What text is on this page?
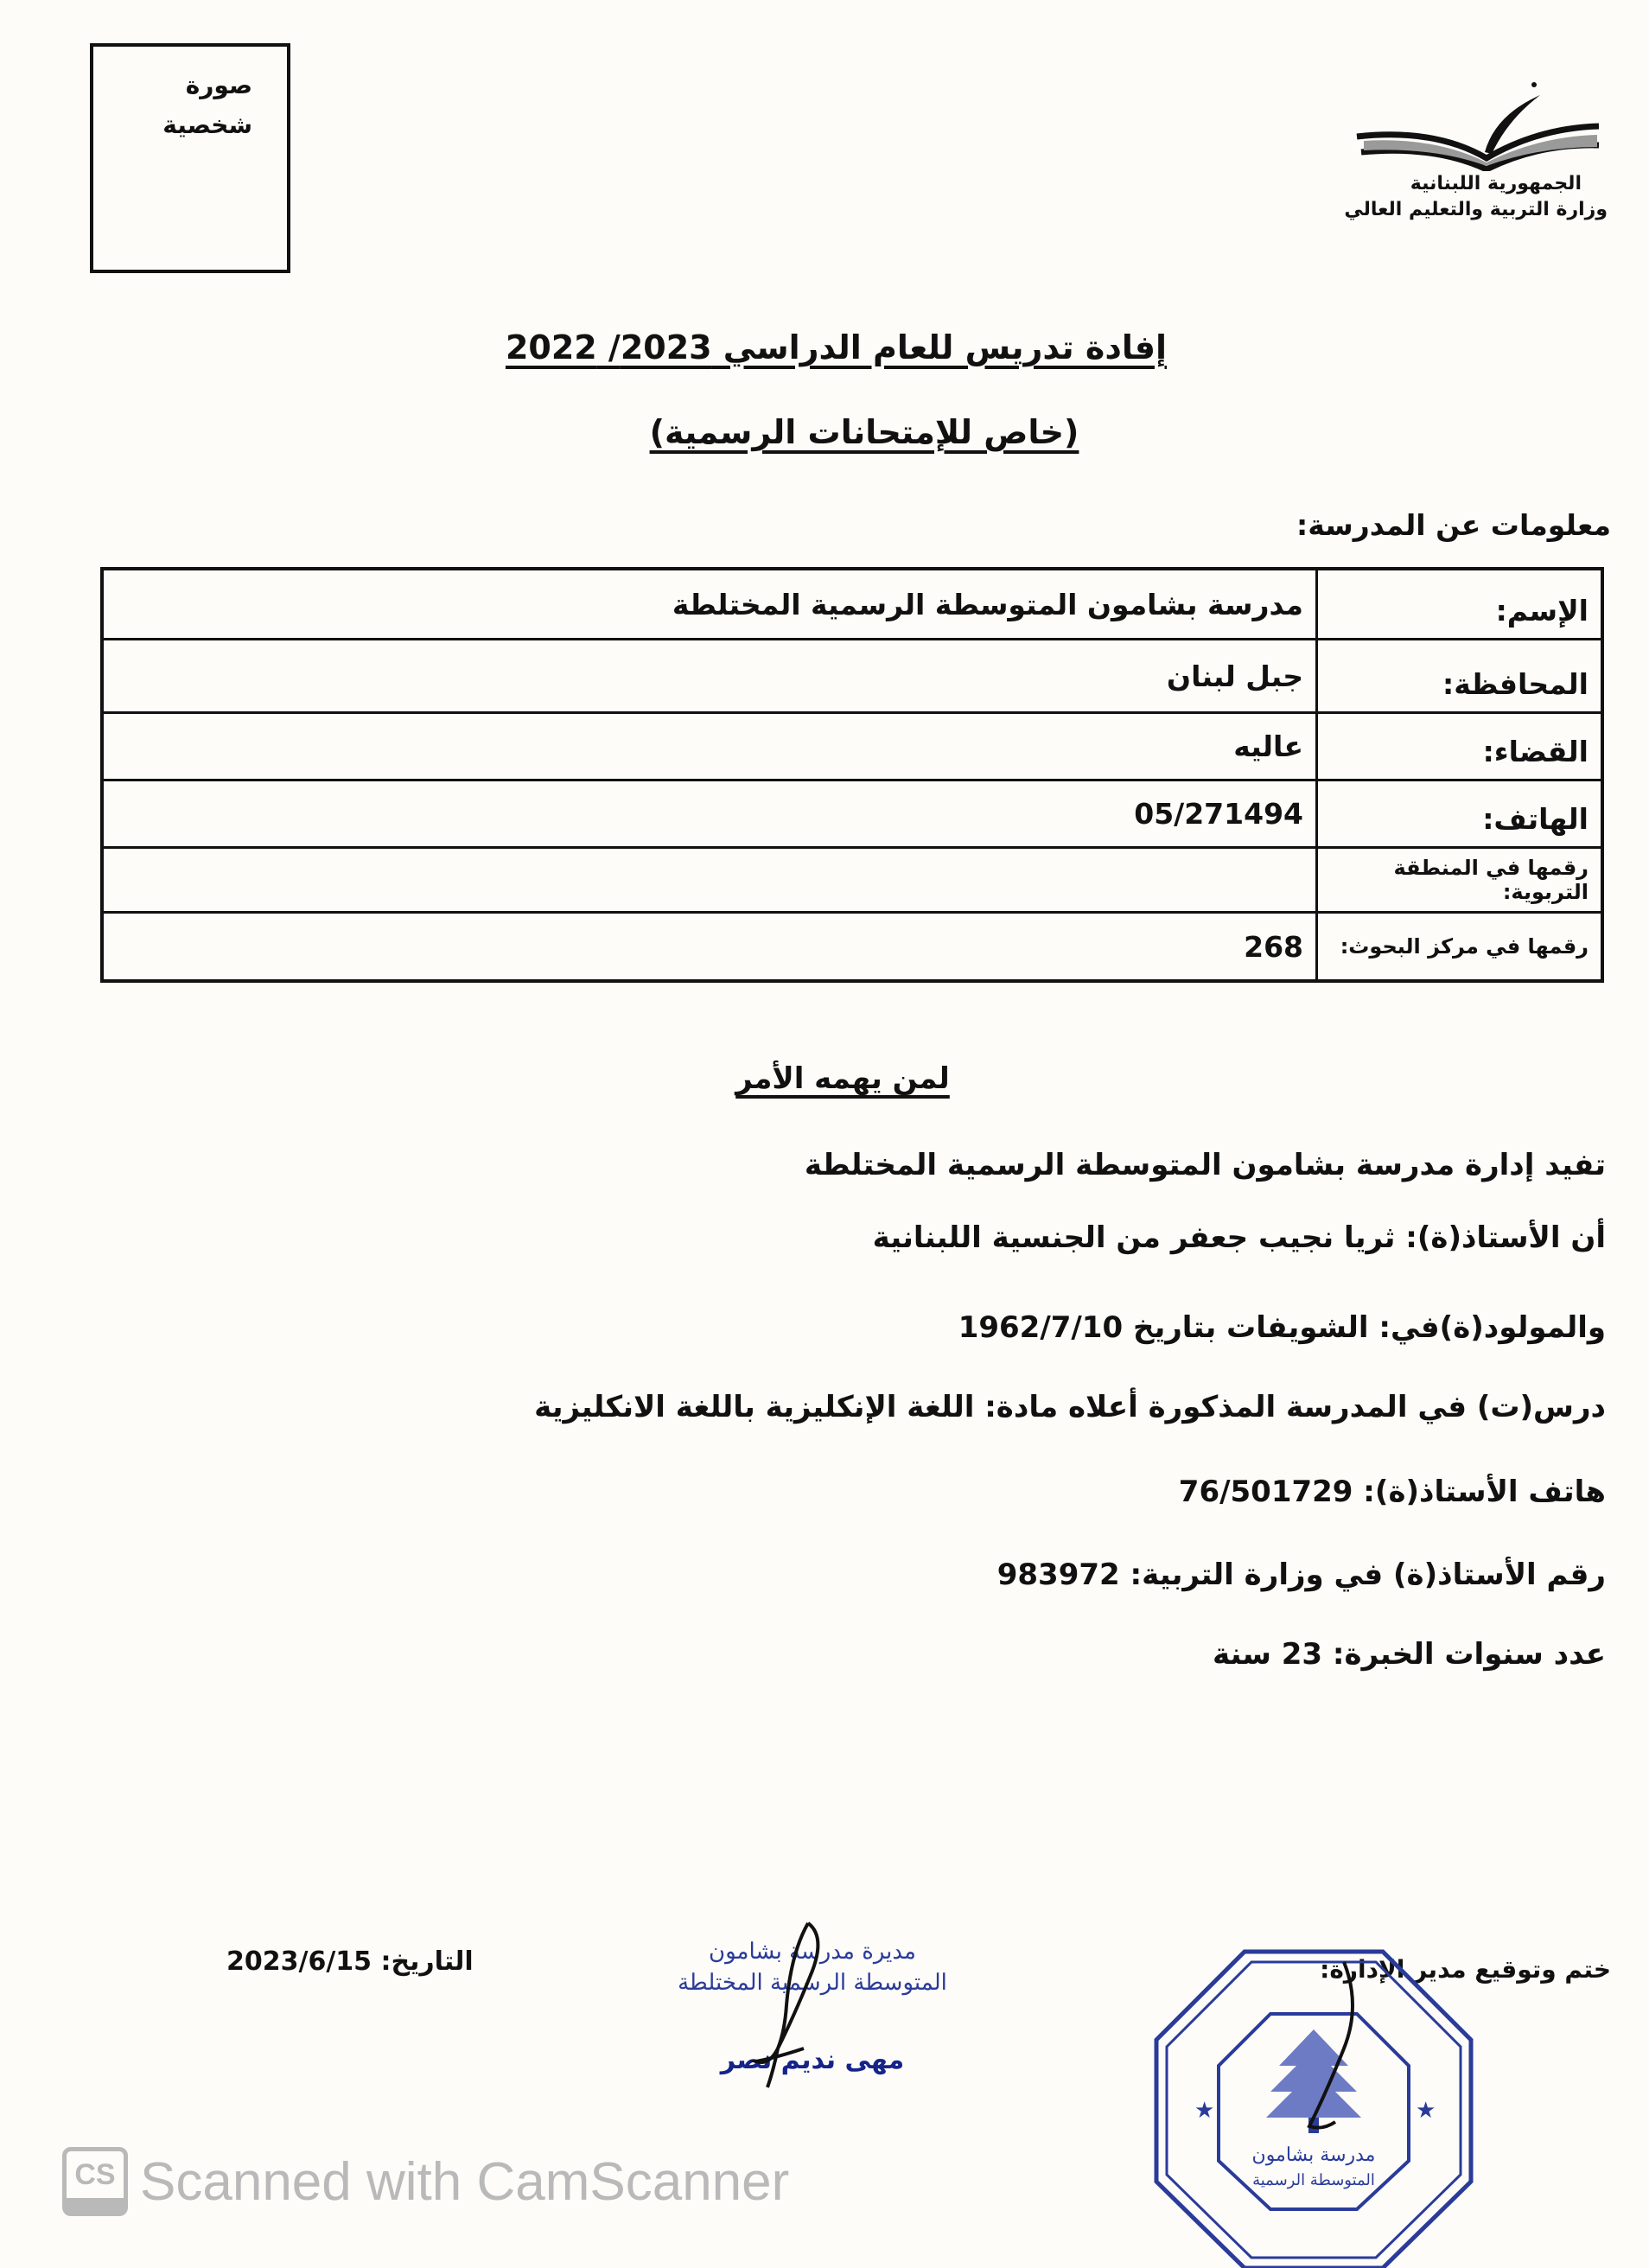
صورة
شخصية
الجمهورية اللبنانية
وزارة التربية والتعليم العالي
إفادة تدريس للعام الدراسي 2023/ 2022
(خاص للإمتحانات الرسمية)
معلومات عن المدرسة:
الإسم:
مدرسة بشامون المتوسطة الرسمية المختلطة
المحافظة:
جبل لبنان
القضاء:
عاليه
الهاتف:
05/271494
رقمها في المنطقة التربوية:
رقمها في مركز البحوث:
268
لمن يهمه الأمر
تفيد إدارة مدرسة بشامون المتوسطة الرسمية المختلطة
أن الأستاذ(ة): ثريا نجيب جعفر من الجنسية اللبنانية
والمولود(ة)في: الشويفات بتاريخ 1962/7/10
درس(ت) في المدرسة المذكورة أعلاه مادة: اللغة الإنكليزية باللغة الانكليزية
هاتف الأستاذ(ة): 76/501729
رقم الأستاذ(ة) في وزارة التربية: 983972
عدد سنوات الخبرة: 23 سنة
التاريخ: 2023/6/15	مديرة مدرسة بشامون
المتوسطة الرسمية المختلطة
مهى نديم نصر
ختم وتوقيع مدير الإدارة:
مدرسة بشامون
المتوسطة الرسمية
★	★
CS Scanned with CamScanner
